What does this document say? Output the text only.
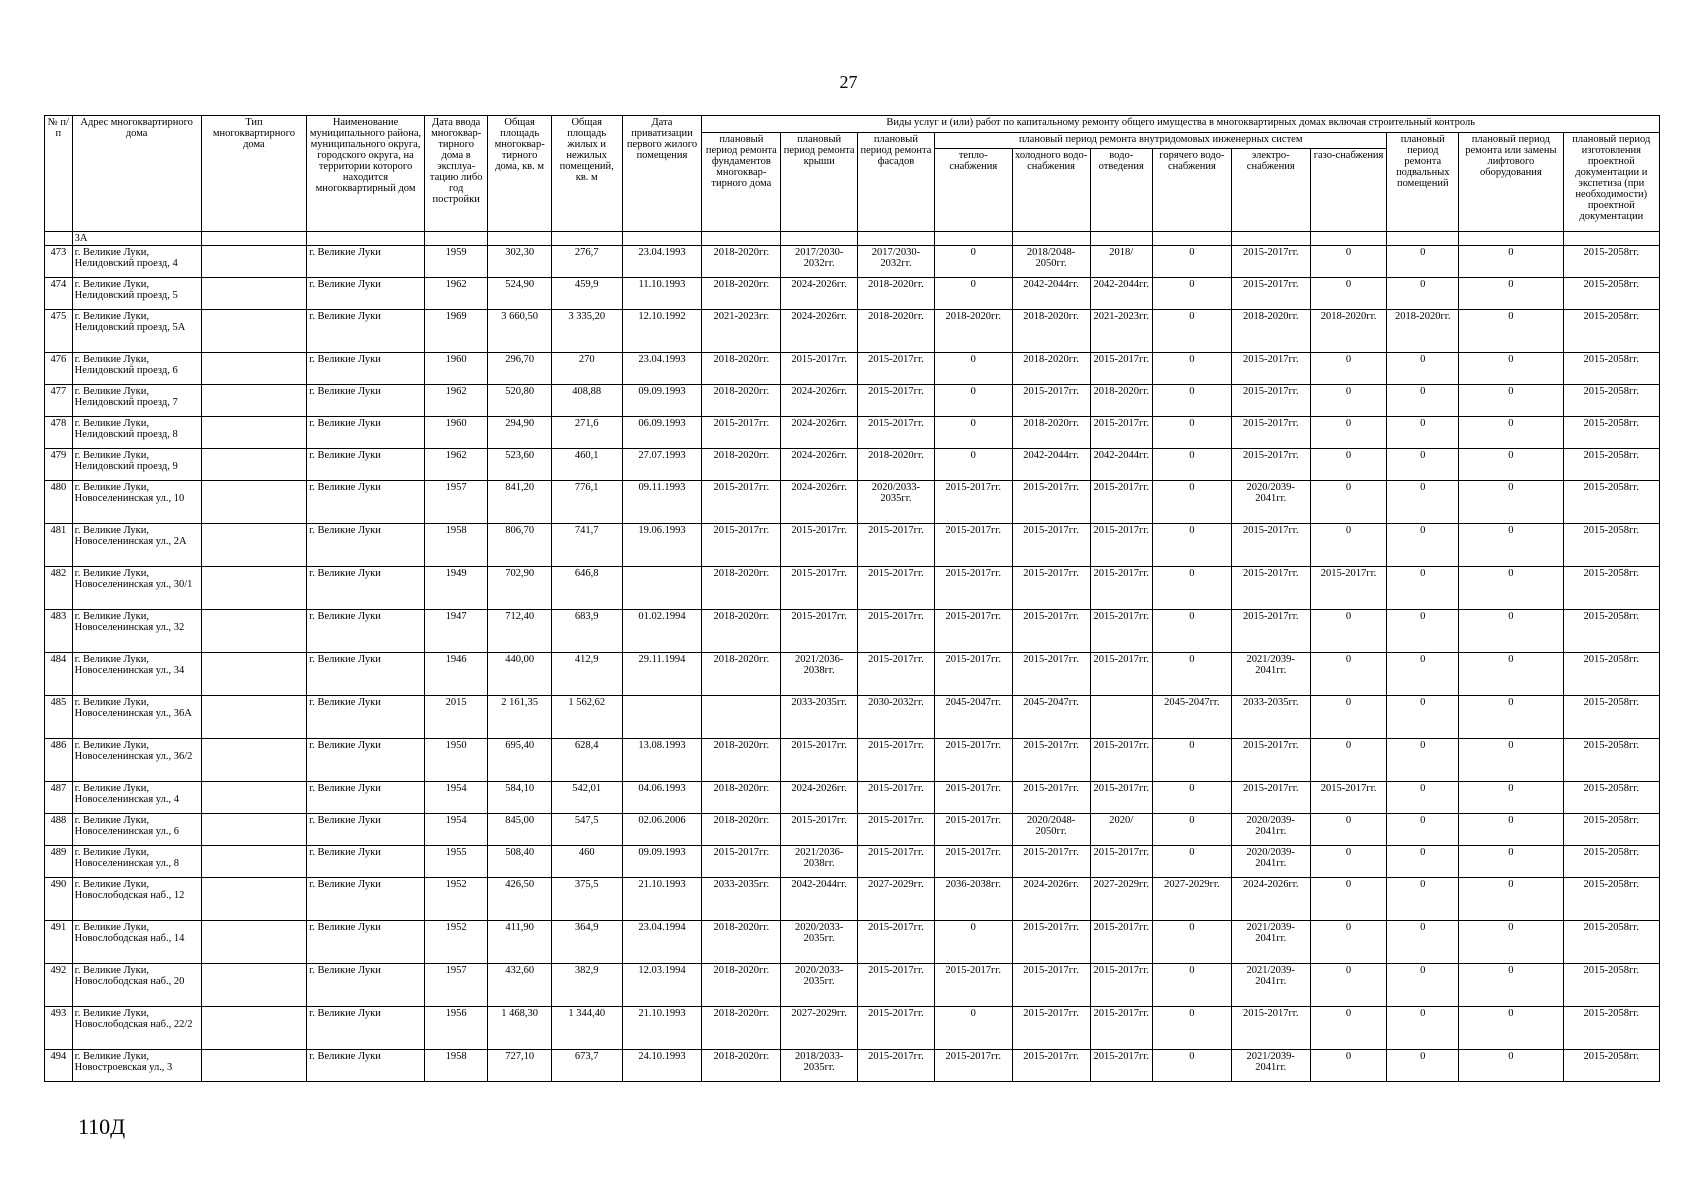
27
№ п/п	Адрес многоквартирного дома	Тип многоквартирного дома	Наименование муниципального района, муниципального округа, городского округа, на территории которого находится многоквартирный дом	Дата ввода многоквар-тирного дома в эксплуа-тацию либо год постройки	Общая площадь многоквар-тирного дома, кв. м	Общая площадь жилых и нежилых помещений, кв. м	Дата приватизации первого жилого помещения	Виды услуг и (или) работ по капитальному ремонту общего имущества в многоквартирных домах включая строительный контроль											
								плановый период ремонта фундаментов многоквар-тирного дома	плановый период ремонта крыши	плановый период ремонта фасадов	плановый период ремонта внутридомовых инженерных систем						плановый период ремонта подвальных помещений	плановый период ремонта или замены лифтового оборудования	плановый период изготовления проектной документации и экспетиза (при необходимости) проектной документации
											тепло-снабжения	холодного водо-снабжения	водо-отведения	горячего водо-снабжения	электро-снабжения	газо-снабжения			
	3А																		
473	г. Великие Луки, Нелидовский проезд, 4		г. Великие Луки	1959	302,30	276,7	23.04.1993	2018-2020гг.	2017/2030-2032гг.	2017/2030-2032гг.	0	2018/2048-2050гг.	2018/	0	2015-2017гг.	0	0	0	2015-2058гг.
474	г. Великие Луки, Нелидовский проезд, 5		г. Великие Луки	1962	524,90	459,9	11.10.1993	2018-2020гг.	2024-2026гг.	2018-2020гг.	0	2042-2044гг.	2042-2044гг.	0	2015-2017гг.	0	0	0	2015-2058гг.
475	г. Великие Луки, Нелидовский проезд, 5А		г. Великие Луки	1969	3 660,50	3 335,20	12.10.1992	2021-2023гг.	2024-2026гг.	2018-2020гг.	2018-2020гг.	2018-2020гг.	2021-2023гг.	0	2018-2020гг.	2018-2020гг.	2018-2020гг.	0	2015-2058гг.
476	г. Великие Луки, Нелидовский проезд, 6		г. Великие Луки	1960	296,70	270	23.04.1993	2018-2020гг.	2015-2017гг.	2015-2017гг.	0	2018-2020гг.	2015-2017гг.	0	2015-2017гг.	0	0	0	2015-2058гг.
477	г. Великие Луки, Нелидовский проезд, 7		г. Великие Луки	1962	520,80	408,88	09.09.1993	2018-2020гг.	2024-2026гг.	2015-2017гг.	0	2015-2017гг.	2018-2020гг.	0	2015-2017гг.	0	0	0	2015-2058гг.
478	г. Великие Луки, Нелидовский проезд, 8		г. Великие Луки	1960	294,90	271,6	06.09.1993	2015-2017гг.	2024-2026гг.	2015-2017гг.	0	2018-2020гг.	2015-2017гг.	0	2015-2017гг.	0	0	0	2015-2058гг.
479	г. Великие Луки, Нелидовский проезд, 9		г. Великие Луки	1962	523,60	460,1	27.07.1993	2018-2020гг.	2024-2026гг.	2018-2020гг.	0	2042-2044гг.	2042-2044гг.	0	2015-2017гг.	0	0	0	2015-2058гг.
480	г. Великие Луки, Новоселенинская ул., 10		г. Великие Луки	1957	841,20	776,1	09.11.1993	2015-2017гг.	2024-2026гг.	2020/2033-2035гг.	2015-2017гг.	2015-2017гг.	2015-2017гг.	0	2020/2039-2041гг.	0	0	0	2015-2058гг.
481	г. Великие Луки, Новоселенинская ул., 2А		г. Великие Луки	1958	806,70	741,7	19.06.1993	2015-2017гг.	2015-2017гг.	2015-2017гг.	2015-2017гг.	2015-2017гг.	2015-2017гг.	0	2015-2017гг.	0	0	0	2015-2058гг.
482	г. Великие Луки, Новоселенинская ул., 30/1		г. Великие Луки	1949	702,90	646,8		2018-2020гг.	2015-2017гг.	2015-2017гг.	2015-2017гг.	2015-2017гг.	2015-2017гг.	0	2015-2017гг.	2015-2017гг.	0	0	2015-2058гг.
483	г. Великие Луки, Новоселенинская ул., 32		г. Великие Луки	1947	712,40	683,9	01.02.1994	2018-2020гг.	2015-2017гг.	2015-2017гг.	2015-2017гг.	2015-2017гг.	2015-2017гг.	0	2015-2017гг.	0	0	0	2015-2058гг.
484	г. Великие Луки, Новоселенинская ул., 34		г. Великие Луки	1946	440,00	412,9	29.11.1994	2018-2020гг.	2021/2036-2038гг.	2015-2017гг.	2015-2017гг.	2015-2017гг.	2015-2017гг.	0	2021/2039-2041гг.	0	0	0	2015-2058гг.
485	г. Великие Луки, Новоселенинская ул., 36А		г. Великие Луки	2015	2 161,35	1 562,62			2033-2035гг.	2030-2032гг.	2045-2047гг.	2045-2047гг.		2045-2047гг.	2033-2035гг.	0	0	0	2015-2058гг.
486	г. Великие Луки, Новоселенинская ул., 36/2		г. Великие Луки	1950	695,40	628,4	13.08.1993	2018-2020гг.	2015-2017гг.	2015-2017гг.	2015-2017гг.	2015-2017гг.	2015-2017гг.	0	2015-2017гг.	0	0	0	2015-2058гг.
487	г. Великие Луки, Новоселенинская ул., 4		г. Великие Луки	1954	584,10	542,01	04.06.1993	2018-2020гг.	2024-2026гг.	2015-2017гг.	2015-2017гг.	2015-2017гг.	2015-2017гг.	0	2015-2017гг.	2015-2017гг.	0	0	2015-2058гг.
488	г. Великие Луки, Новоселенинская ул., 6		г. Великие Луки	1954	845,00	547,5	02.06.2006	2018-2020гг.	2015-2017гг.	2015-2017гг.	2015-2017гг.	2020/2048-2050гг.	2020/	0	2020/2039-2041гг.	0	0	0	2015-2058гг.
489	г. Великие Луки, Новоселенинская ул., 8		г. Великие Луки	1955	508,40	460	09.09.1993	2015-2017гг.	2021/2036-2038гг.	2015-2017гг.	2015-2017гг.	2015-2017гг.	2015-2017гг.	0	2020/2039-2041гг.	0	0	0	2015-2058гг.
490	г. Великие Луки, Новослободская наб., 12		г. Великие Луки	1952	426,50	375,5	21.10.1993	2033-2035гг.	2042-2044гг.	2027-2029гг.	2036-2038гг.	2024-2026гг.	2027-2029гг.	2027-2029гг.	2024-2026гг.	0	0	0	2015-2058гг.
491	г. Великие Луки, Новослободская наб., 14		г. Великие Луки	1952	411,90	364,9	23.04.1994	2018-2020гг.	2020/2033-2035гг.	2015-2017гг.	0	2015-2017гг.	2015-2017гг.	0	2021/2039-2041гг.	0	0	0	2015-2058гг.
492	г. Великие Луки, Новослободская наб., 20		г. Великие Луки	1957	432,60	382,9	12.03.1994	2018-2020гг.	2020/2033-2035гг.	2015-2017гг.	2015-2017гг.	2015-2017гг.	2015-2017гг.	0	2021/2039-2041гг.	0	0	0	2015-2058гг.
493	г. Великие Луки, Новослободская наб., 22/2		г. Великие Луки	1956	1 468,30	1 344,40	21.10.1993	2018-2020гг.	2027-2029гг.	2015-2017гг.	0	2015-2017гг.	2015-2017гг.	0	2015-2017гг.	0	0	0	2015-2058гг.
494	г. Великие Луки, Новостроевская ул., 3		г. Великие Луки	1958	727,10	673,7	24.10.1993	2018-2020гг.	2018/2033-2035гг.	2015-2017гг.	2015-2017гг.	2015-2017гг.	2015-2017гг.	0	2021/2039-2041гг.	0	0	0	2015-2058гг.
110Д
